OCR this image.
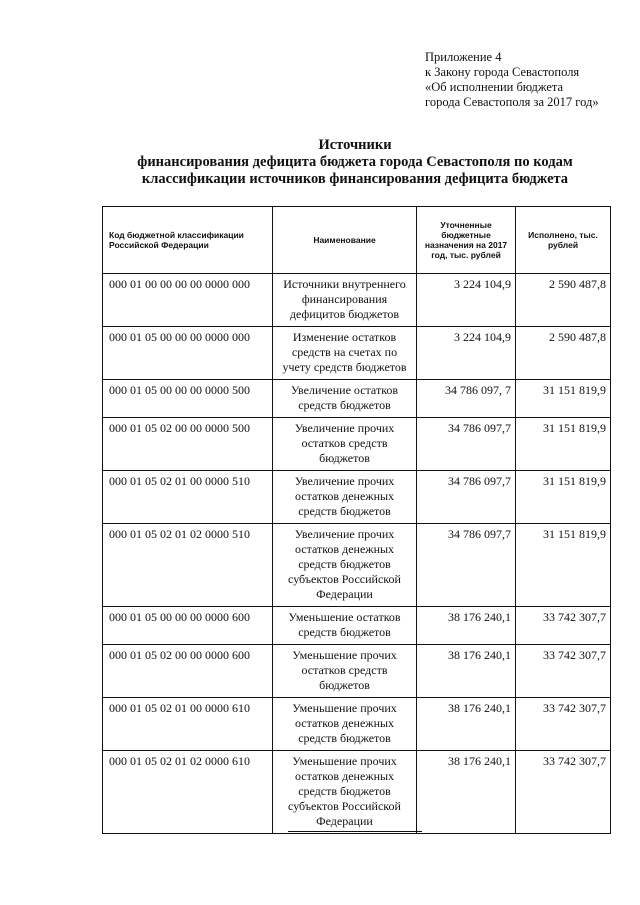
Приложение 4
к Закону города Севастополя
«Об исполнении бюджета
города Севастополя за 2017 год»
Источники
финансирования дефицита бюджета города Севастополя по кодам
классификации источников финансирования дефицита бюджета
Код бюджетной классификации Российской Федерации	Наименование	Уточненные бюджетные назначения на 2017 год, тыс. рублей	Исполнено, тыс. рублей
000 01 00 00 00 00 0000 000	Источники внутреннего финансирования дефицитов бюджетов	3 224 104,9	2 590 487,8
000 01 05 00 00 00 0000 000	Изменение остатков средств на счетах по учету средств бюджетов	3 224 104,9	2 590 487,8
000 01 05 00 00 00 0000 500	Увеличение остатков средств бюджетов	34 786 097, 7	31 151 819,9
000 01 05 02 00 00 0000 500	Увеличение прочих остатков средств бюджетов	34 786 097,7	31 151 819,9
000 01 05 02 01 00 0000 510	Увеличение прочих остатков денежных средств бюджетов	34 786 097,7	31 151 819,9
000 01 05 02 01 02 0000 510	Увеличение прочих остатков денежных средств бюджетов субъектов Российской Федерации	34 786 097,7	31 151 819,9
000 01 05 00 00 00 0000 600	Уменьшение остатков средств бюджетов	38 176 240,1	33 742 307,7
000 01 05 02 00 00 0000 600	Уменьшение прочих остатков средств бюджетов	38 176 240,1	33 742 307,7
000 01 05 02 01 00 0000 610	Уменьшение прочих остатков денежных средств бюджетов	38 176 240,1	33 742 307,7
000 01 05 02 01 02 0000 610	Уменьшение прочих остатков денежных средств бюджетов субъектов Российской Федерации	38 176 240,1	33 742 307,7
